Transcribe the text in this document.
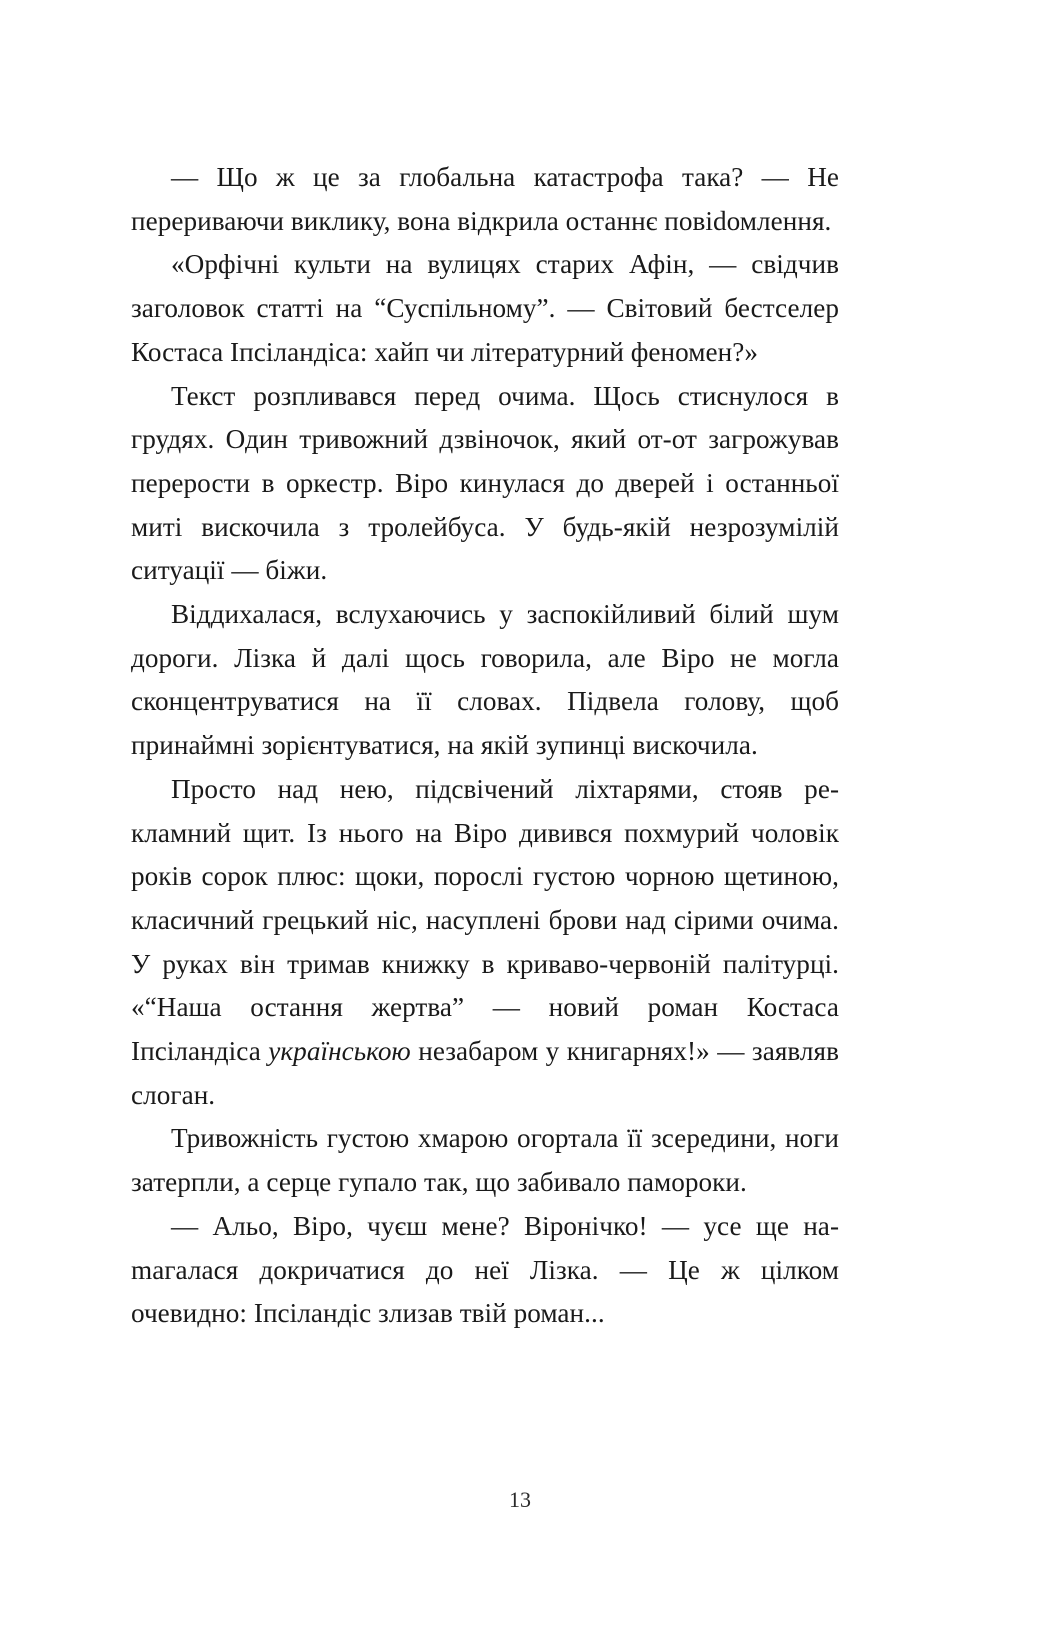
— Що ж це за глобальна катастрофа така? — Не перериваючи виклику, вона відкрила останнє повіdомлення.

«Орфічні культи на вулицях старих Афін, — свідчив заголовок статті на “Суспільному”. — Світовий бестселер Костаса Іпсіландіса: хайп чи літературний феномен?»

Текст розпливався перед очима. Щось стиснулося в грудях. Один тривожний дзвіночок, який от-от загрожував перерости в оркестр. Віро кинулася до дверей і останньої миті вискочила з тролейбуса. У будь-якій незрозумілій ситуації — біжи.

Віддихалася, вслухаючись у заспокійливий білий шум дороги. Лізка й далі щось говорила, але Віро не могла сконцентруватися на її словах. Підвела голову, щоб принаймні зорієнтуватися, на якій зупинці вискочила.

Просто над нею, підсвічений ліхтарями, стояв рекламний щит. Із нього на Віро дивився похмурий чоловік років сорок плюс: щоки, порослі густою чорною щетиною, класичний грецький ніс, насуплені брови над сірими очима. У руках він тримав книжку в криваво-червоній палітурці. «“Наша остання жертва” — новий роман Костаса Іпсіландіса українською незабаром у книгарнях!» — заявляв слоган.

Тривожність густою хмарою огортала її зсередини, ноги затерпли, а серце гупало так, що забивало памороки.

— Альо, Віро, чуєш мене? Віронічко! — усе ще наmагалася докричатися до неї Лізка. — Це ж цілком очевидно: Іпсіландіс злизав твій роман...

13
